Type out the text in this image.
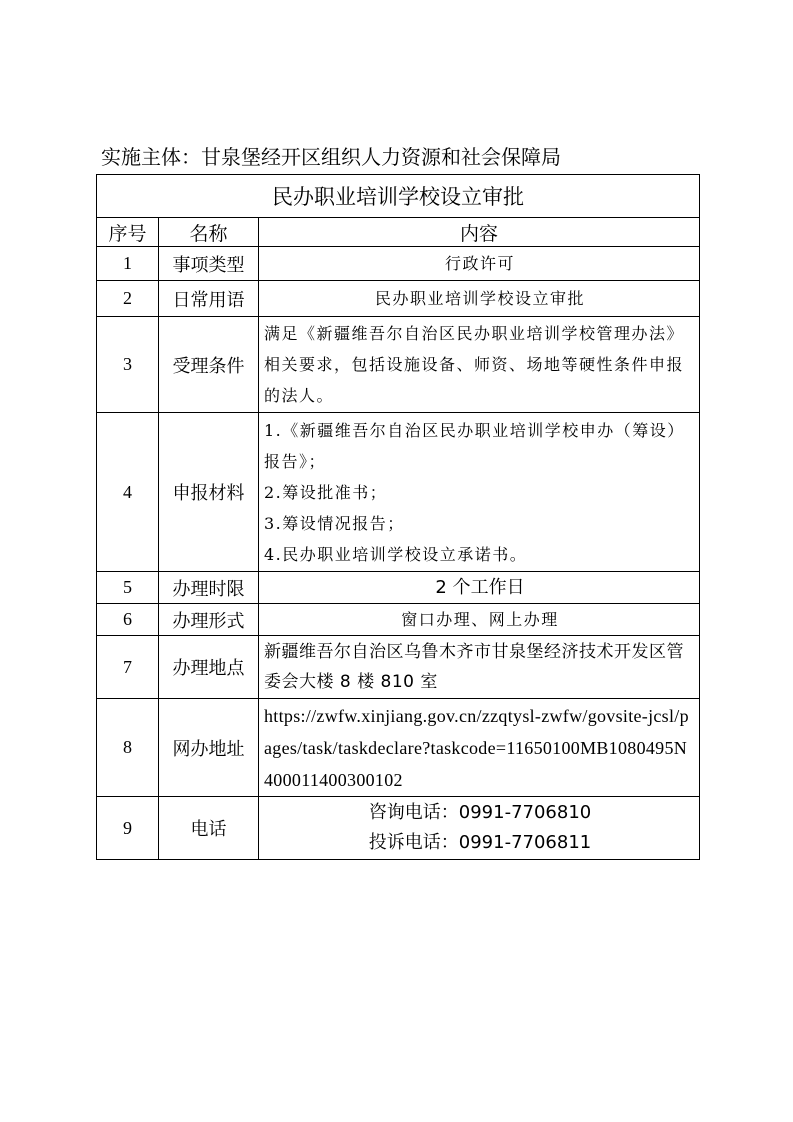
实施主体：甘泉堡经开区组织人力资源和社会保障局
民办职业培训学校设立审批		
序号	名称	内容
1	事项类型	行政许可
2	日常用语	民办职业培训学校设立审批
3	受理条件	满足《新疆维吾尔自治区民办职业培训学校管理办法》相关要求，包括设施设备、师资、场地等硬性条件申报的法人。
4	申报材料	1.《新疆维吾尔自治区民办职业培训学校申办（筹设）报告》；
2.筹设批准书；
3.筹设情况报告；
4.民办职业培训学校设立承诺书。

5	办理时限	2 个工作日
6	办理形式	窗口办理、网上办理
7	办理地点	新疆维吾尔自治区乌鲁木齐市甘泉堡经济技术开发区管委会大楼 8 楼 810 室
8	网办地址	https://zwfw.xinjiang.gov.cn/zzqtysl-zwfw/govsite-jcsl/pages/task/taskdeclare?taskcode=11650100MB1080495N400011400300102
9	电话	咨询电话：0991-7706810
投诉电话：0991-7706811
